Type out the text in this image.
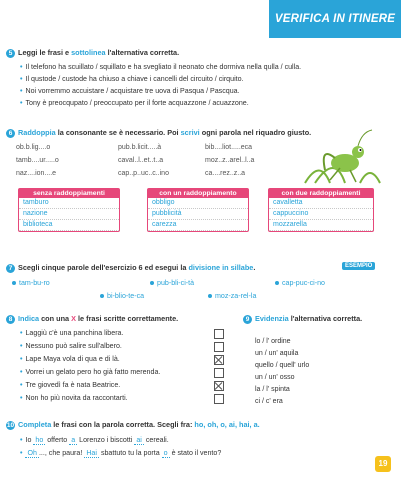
VERIFICA IN ITINERE
5 Leggi le frasi e sottolinea l'alternativa corretta.
• Il telefono ha scuillato / squillato e ha svegliato il neonato che dormiva nella qulla / culla.
• Il qustode / custode ha chiuso a chiave i cancelli del circuito / cirquito.
• Noi vorremmo accuistare / acquistare tre uova di Pasqua / Pascqua.
• Tony è preocqupato / preoccupato per il forte acquazzone / acuazzone.
6 Raddoppia la consonante se è necessario. Poi scrivi ogni parola nel riquadro giusto.
ob.b.lig....o	pub.b.licit.....à	bib....liot.....eca
tamb....ur.....o	caval..l..et..t..a	moz..z..arel..l..a
naz....ion....e	cap..p..uc..c..ino	ca....rez..z..a
senza raddoppiamenti
tamburo
nazione
biblioteca
con un raddoppiamento
obbligo
pubblicità
carezza
con due raddoppiamenti
cavalletta
cappuccino
mozzarella
7 Scegli cinque parole dell'esercizio 6 ed esegui la divisione in sillabe.	ESEMPIO
tam-bu-ro	pub-bli-ci-tà	cap-puc-ci-no
bi-blio-te-ca	moz-za-rel-la
8 Indica con una X le frasi scritte correttamente.
• Laggiù c'è una panchina libera.
• Nessuno può salire sull'albero.
• Lape Maya vola di qua e di là.
• Vorrei un gelato pero ho già fatto merenda.
• Tre giovedì fa è nata Beatrice.
• Non ho più novita da raccontarti.
9 Evidenzia l'alternativa corretta.
lo / l' ordine
un / un' aquila
quello / quell' urlo
un / un' osso
la / l' spinta
ci / c' era
10 Completa le frasi con la parola corretta. Scegli fra: ho, oh, o, ai, hai, a.
• Io ho offerto a Lorenzo i biscotti ai cereali.
• Oh ..., che paura! Hai sbattuto tu la porta o è stato il vento?
19
